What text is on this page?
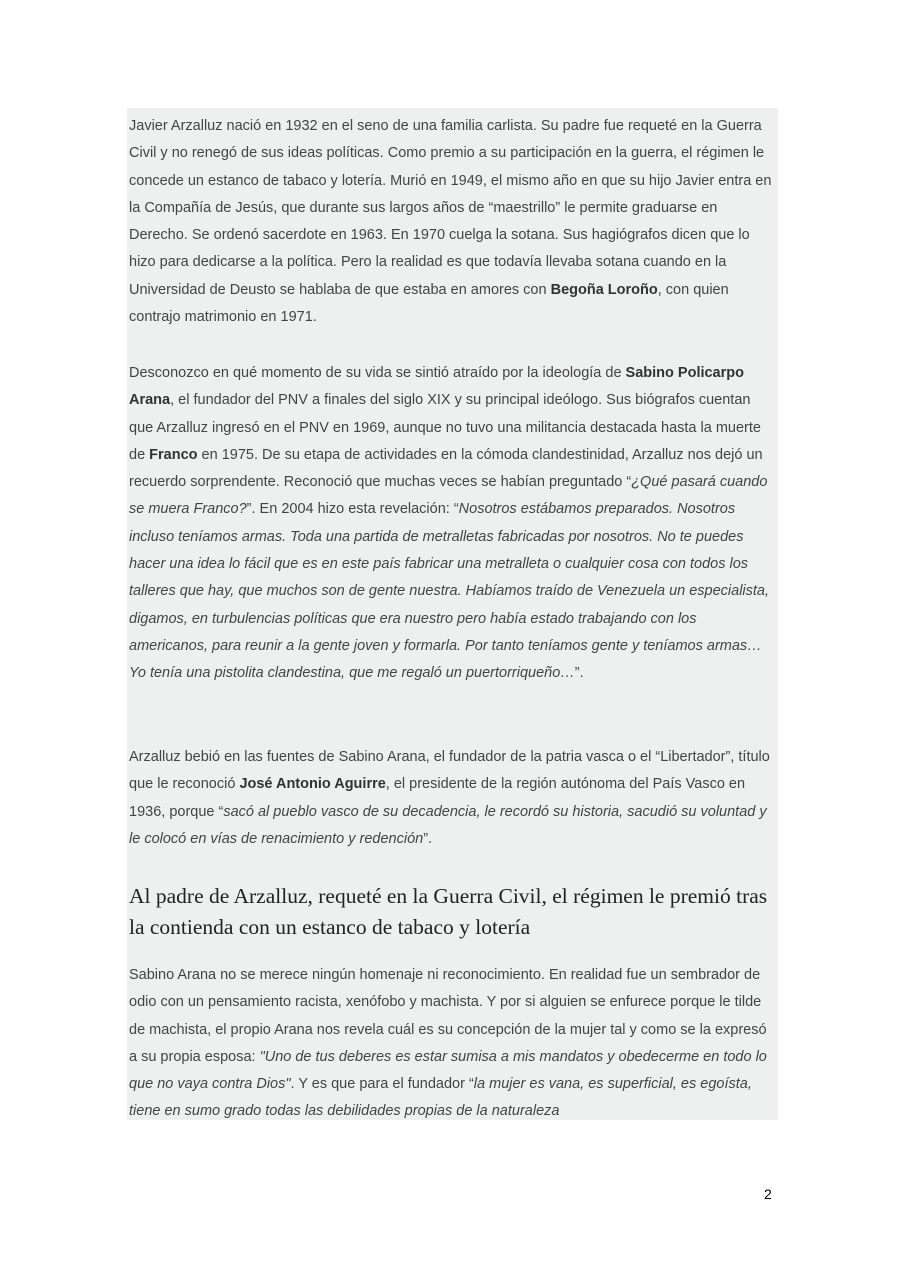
Javier Arzalluz nació en 1932 en el seno de una familia carlista. Su padre fue requeté en la Guerra Civil y no renegó de sus ideas políticas. Como premio a su participación en la guerra, el régimen le concede un estanco de tabaco y lotería. Murió en 1949, el mismo año en que su hijo Javier entra en la Compañía de Jesús, que durante sus largos años de “maestrillo” le permite graduarse en Derecho. Se ordenó sacerdote en 1963. En 1970 cuelga la sotana. Sus hagiógrafos dicen que lo hizo para dedicarse a la política. Pero la realidad es que todavía llevaba sotana cuando en la Universidad de Deusto se hablaba de que estaba en amores con Begoña Loroño, con quien contrajo matrimonio en 1971.

Desconozco en qué momento de su vida se sintió atraído por la ideología de Sabino Policarpo Arana, el fundador del PNV a finales del siglo XIX y su principal ideólogo. Sus biógrafos cuentan que Arzalluz ingresó en el PNV en 1969, aunque no tuvo una militancia destacada hasta la muerte de Franco en 1975. De su etapa de actividades en la cómoda clandestinidad, Arzalluz nos dejó un recuerdo sorprendente. Reconoció que muchas veces se habían preguntado “¿Qué pasará cuando se muera Franco?”. En 2004 hizo esta revelación: “Nosotros estábamos preparados. Nosotros incluso teníamos armas. Toda una partida de metralletas fabricadas por nosotros. No te puedes hacer una idea lo fácil que es en este país fabricar una metralleta o cualquier cosa con todos los talleres que hay, que muchos son de gente nuestra. Habíamos traído de Venezuela un especialista, digamos, en turbulencias políticas que era nuestro pero había estado trabajando con los americanos, para reunir a la gente joven y formarla. Por tanto teníamos gente y teníamos armas… Yo tenía una pistolita clandestina, que me regaló un puertorriqueño…”.

Arzalluz bebió en las fuentes de Sabino Arana, el fundador de la patria vasca o el “Libertador”, título que le reconoció José Antonio Aguirre, el presidente de la región autónoma del País Vasco en 1936, porque “sacó al pueblo vasco de su decadencia, le recordó su historia, sacudió su voluntad y le colocó en vías de renacimiento y redención”.

Al padre de Arzalluz, requeté en la Guerra Civil, el régimen le premió tras la contienda con un estanco de tabaco y lotería

Sabino Arana no se merece ningún homenaje ni reconocimiento. En realidad fue un sembrador de odio con un pensamiento racista, xenófobo y machista. Y por si alguien se enfurece porque le tilde de machista, el propio Arana nos revela cuál es su concepción de la mujer tal y como se la expresó a su propia esposa: "Uno de tus deberes es estar sumisa a mis mandatos y obedecerme en todo lo que no vaya contra Dios". Y es que para el fundador “la mujer es vana, es superficial, es egoísta, tiene en sumo grado todas las debilidades propias de la naturaleza

2
